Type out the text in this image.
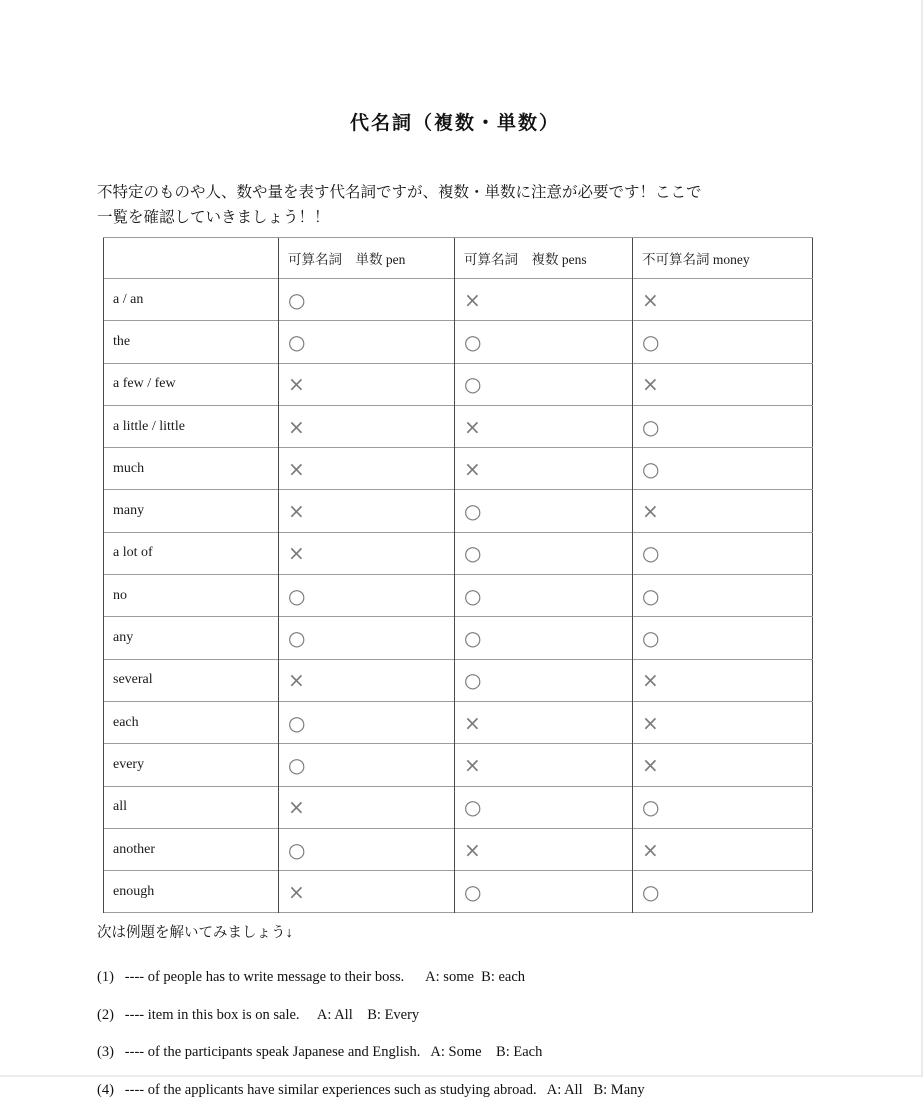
代名詞（複数・単数）
不特定のものや人、数や量を表す代名詞ですが、複数・単数に注意が必要です！ここで
一覧を確認していきましょう！！
	可算名詞　単数 pen	可算名詞　複数 pens	不可算名詞 money
a / an	○	×	×
the	○	○	○
a few / few	×	○	×
a little / little	×	×	○
much	×	×	○
many	×	○	×
a lot of	×	○	○
no	○	○	○
any	○	○	○
several	×	○	×
each	○	×	×
every	○	×	×
all	×	○	○
another	○	×	×
enough	×	○	○
次は例題を解いてみましょう↓
(1)   ---- of people has to write message to their boss.      A: some  B: each
(2)   ---- item in this box is on sale.     A: All    B: Every
(3)   ---- of the participants speak Japanese and English.   A: Some    B: Each
(4)   ---- of the applicants have similar experiences such as studying abroad.   A: All   B: Many
